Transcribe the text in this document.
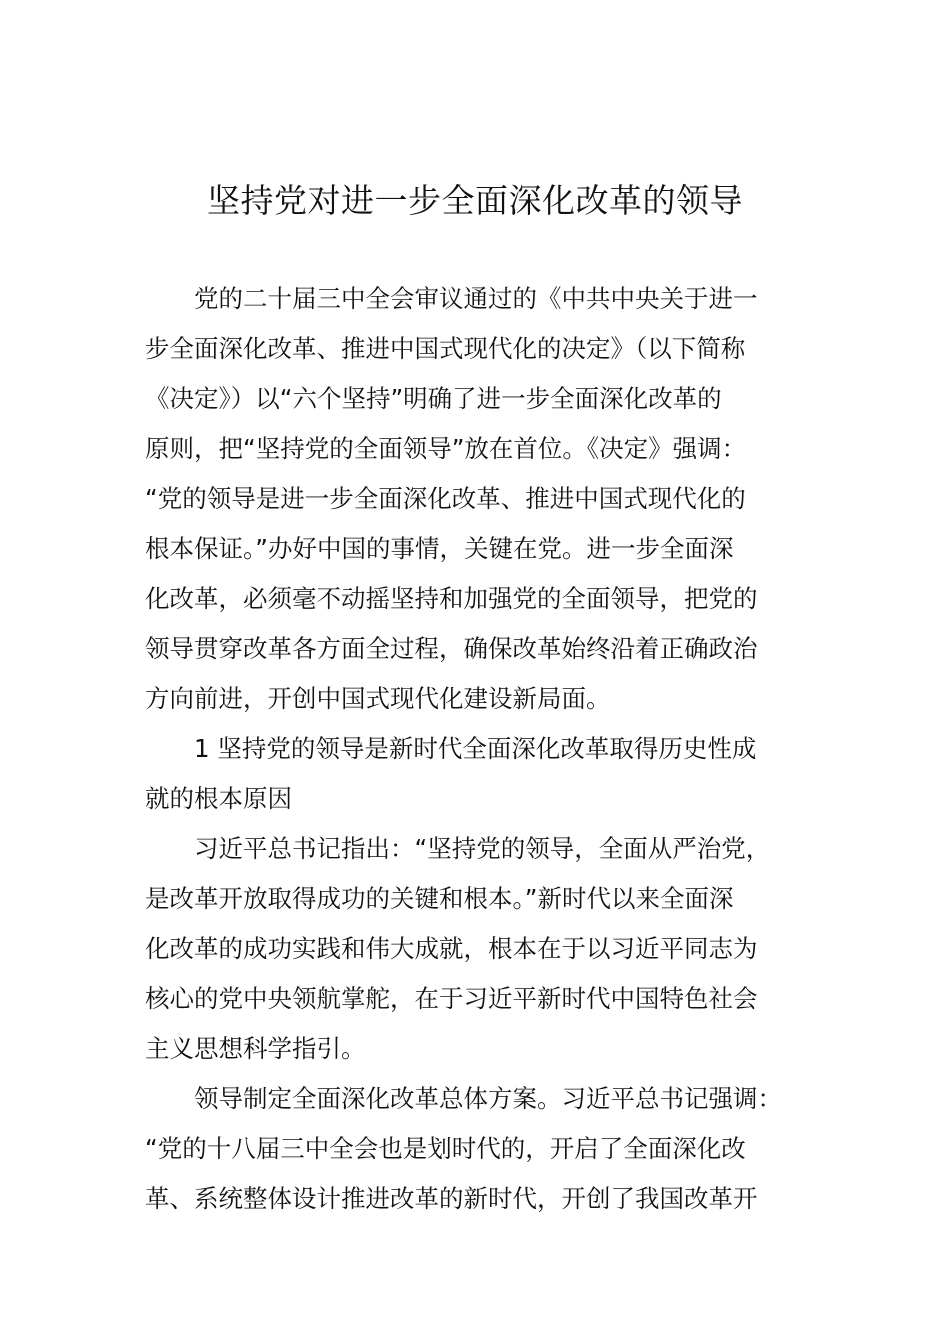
坚持党对进一步全面深化改革的领导
党的二十届三中全会审议通过的《中共中央关于进一
步全面深化改革、推进中国式现代化的决定》（以下简称
《决定》）以“六个坚持”明确了进一步全面深化改革的
原则，把“坚持党的全面领导”放在首位。《决定》强调：
“党的领导是进一步全面深化改革、推进中国式现代化的
根本保证。”办好中国的事情，关键在党。进一步全面深
化改革，必须毫不动摇坚持和加强党的全面领导，把党的
领导贯穿改革各方面全过程，确保改革始终沿着正确政治
方向前进，开创中国式现代化建设新局面。
1 坚持党的领导是新时代全面深化改革取得历史性成
就的根本原因
习近平总书记指出：“坚持党的领导，全面从严治党，
是改革开放取得成功的关键和根本。”新时代以来全面深
化改革的成功实践和伟大成就，根本在于以习近平同志为
核心的党中央领航掌舵，在于习近平新时代中国特色社会
主义思想科学指引。
领导制定全面深化改革总体方案。习近平总书记强调：
“党的十八届三中全会也是划时代的，开启了全面深化改
革、系统整体设计推进改革的新时代，开创了我国改革开
